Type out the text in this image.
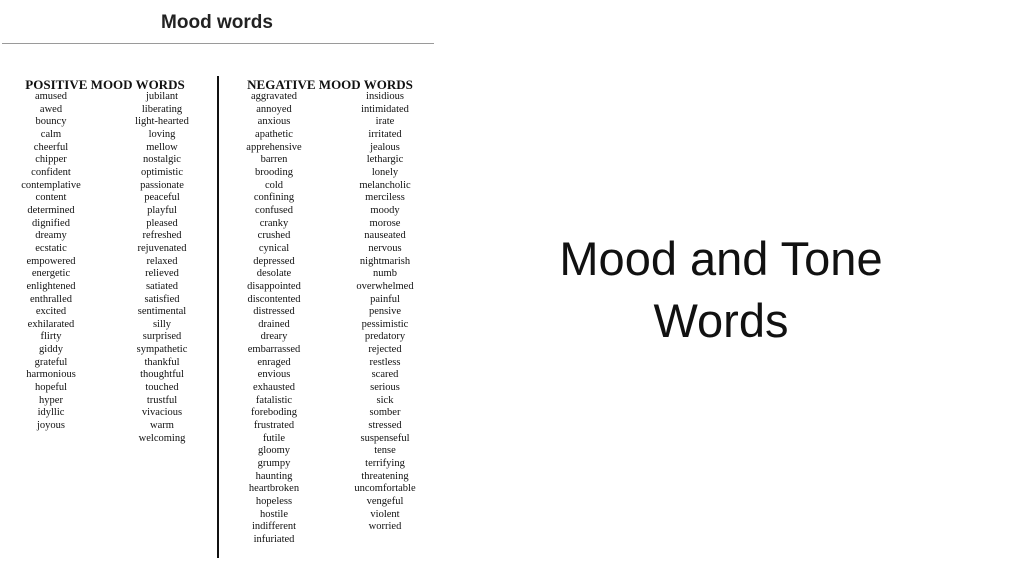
Mood words
POSITIVE MOOD WORDS	NEGATIVE MOOD WORDS
amused
awed
bouncy
calm
cheerful
chipper
confident
contemplative
content
determined
dignified
dreamy
ecstatic
empowered
energetic
enlightened
enthralled
excited
exhilarated
flirty
giddy
grateful
harmonious
hopeful
hyper
idyllic
joyous
jubilant
liberating
light-hearted
loving
mellow
nostalgic
optimistic
passionate
peaceful
playful
pleased
refreshed
rejuvenated
relaxed
relieved
satiated
satisfied
sentimental
silly
surprised
sympathetic
thankful
thoughtful
touched
trustful
vivacious
warm
welcoming
aggravated
annoyed
anxious
apathetic
apprehensive
barren
brooding
cold
confining
confused
cranky
crushed
cynical
depressed
desolate
disappointed
discontented
distressed
drained
dreary
embarrassed
enraged
envious
exhausted
fatalistic
foreboding
frustrated
futile
gloomy
grumpy
haunting
heartbroken
hopeless
hostile
indifferent
infuriated
insidious
intimidated
irate
irritated
jealous
lethargic
lonely
melancholic
merciless
moody
morose
nauseated
nervous
nightmarish
numb
overwhelmed
painful
pensive
pessimistic
predatory
rejected
restless
scared
serious
sick
somber
stressed
suspenseful
tense
terrifying
threatening
uncomfortable
vengeful
violent
worried
Mood and Tone
Words
